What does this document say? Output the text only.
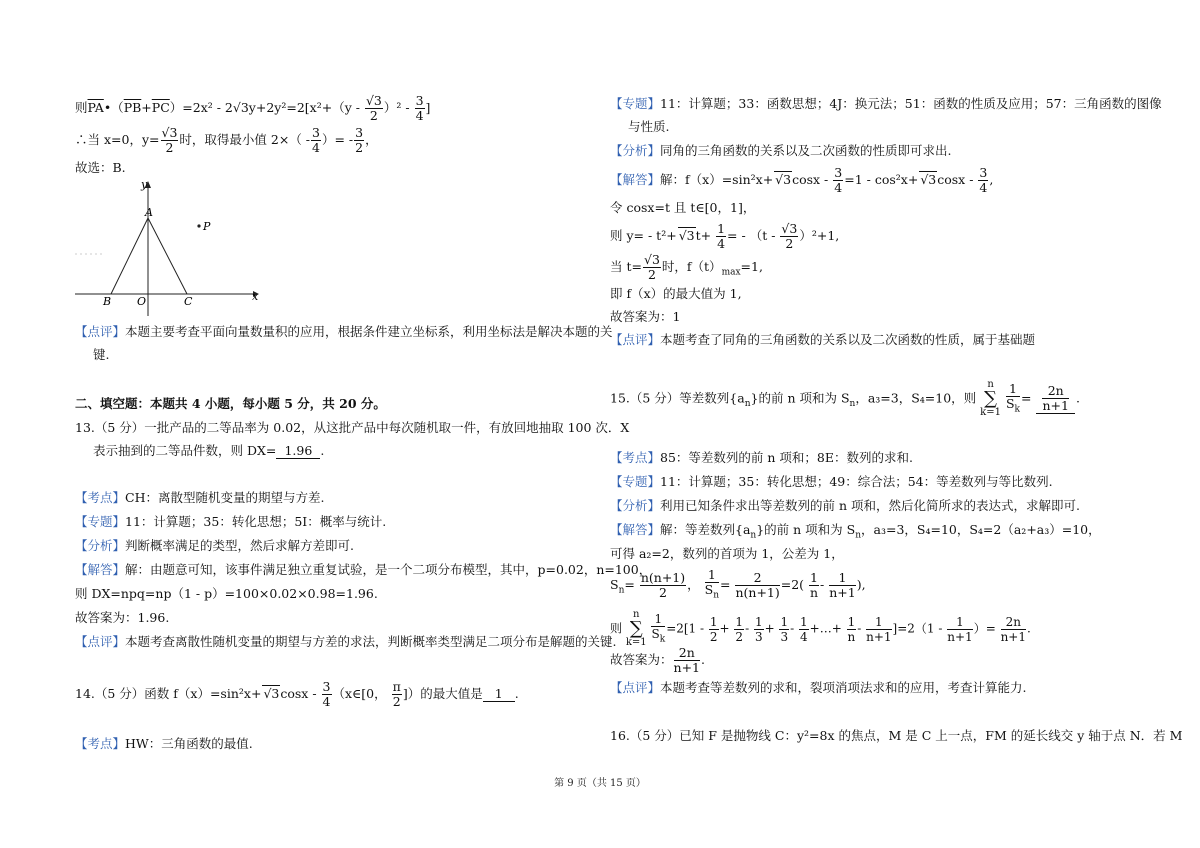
则$\overline{PA}•(\overline{PB}+\overline{PC})=2x^2 - 2√3y+2y^2=2[x^2+(y - \frac{√3}{2} )^2 - \frac{3}{4}$ ]
∴当 x=0，$y= \frac{√3}{2}$ 时，取得最小值 $2\times( - \frac{3}{4}$ ）= - $\frac{3}{2}$ ，
故选：B.
y
x
A
P
B O	C
【点评】本题主要考查平面向量数量积的应用，根据条件建立坐标系，利用坐标法是解决本题的关
键.
二、填空题：本题共 4 小题，每小题 5 分，共 20 分。
13.（5 分）一批产品的二等品率为 0.02，从这批产品中每次随机取一件，有放回地抽取 100 次．X
表示抽到的二等品件数，则 DX= 1.96 .
【考点】CH：离散型随机变量的期望与方差.
【专题】11：计算题；35：转化思想；5I：概率与统计.
【分析】判断概率满足的类型，然后求解方差即可.
【解答】解：由题意可知，该事件满足独立重复试验，是一个二项分布模型，其中，p=0.02，n=100，
则 DX=npq=np（1 - p）=100×0.02×0.98=1.96.
故答案为：1.96.
【点评】本题考查离散性随机变量的期望与方差的求法，判断概率类型满足二项分布是解题的关键.
14.（5 分）函数 $f(x)=\sin^2x+ √3\cos x - \frac{3}{4}$ （x∈[0， $\frac{\pi}{2}$ ]）的最大值是 1 .
【考点】HW：三角函数的最值.
【专题】11：计算题；33：函数思想；4J：换元法；51：函数的性质及应用；57：三角函数的图像
与性质.
【分析】同角的三角函数的关系以及二次函数的性质即可求出.
【解答】解：$f(x)=\sin^2x+ √3\cos x - \frac{3}{4} =1 - \cos^2x+ √3\cos x - \frac{3}{4}$ ,
令 cosx=t 且 t∈[0，1]，
则 $y= - t^2+ √3t+ \frac{1}{4}$ = - $(t - \frac{√3}{2} )^2+1$,
当 $t= \frac{√3}{2}$ 时，$f(t)_{max}=1$,
即 f（x）的最大值为 1,
故答案为：1
【点评】本题考查了同角的三角函数的关系以及二次函数的性质，属于基础题
15.（5 分）等差数列$\{a_n\}$的前 n 项和为 $S_n$，a₃=3，S₄=10，则 n
∑
$k=1 \frac{1}{S_k} = \frac{2n}{n+1}$ .
【考点】85：等差数列的前 n 项和；8E：数列的求和.
【专题】11：计算题；35：转化思想；49：综合法；54：等差数列与等比数列.
【分析】利用已知条件求出等差数列的前 n 项和，然后化简所求的表达式，求解即可.
【解答】解：等差数列$\{a_n\}$的前 n 项和为 $S_n$，a₃=3，S₄=10，S₄=2（a₂+a₃）=10，
可得 a₂=2，数列的首项为 1，公差为 1，
$S_n= \frac{n(n+1)}{2}$ ， $\frac{1}{S_n} = \frac{2}{n(n+1)} =2( \frac{1}{n} - \frac{1}{n+1}$ ),
则 n
∑
$k=1 \frac{1}{S_k} =2[1 - \frac{1}{2} + \frac{1}{2} - \frac{1}{3} + \frac{1}{3} - \frac{1}{4}$ +…+ $\frac{1}{n} - \frac{1}{n+1} ]=2(1 - \frac{1}{n+1}$ ）= $\frac{2n}{n+1}$ .
故答案为： $\frac{2n}{n+1}$ .
【点评】本题考查等差数列的求和，裂项消项法求和的应用，考查计算能力.
16.（5 分）已知 F 是抛物线 C：y²=8x 的焦点，M 是 C 上一点，FM 的延长线交 y 轴于点 N．若 M
第 9 页（共 15 页）
